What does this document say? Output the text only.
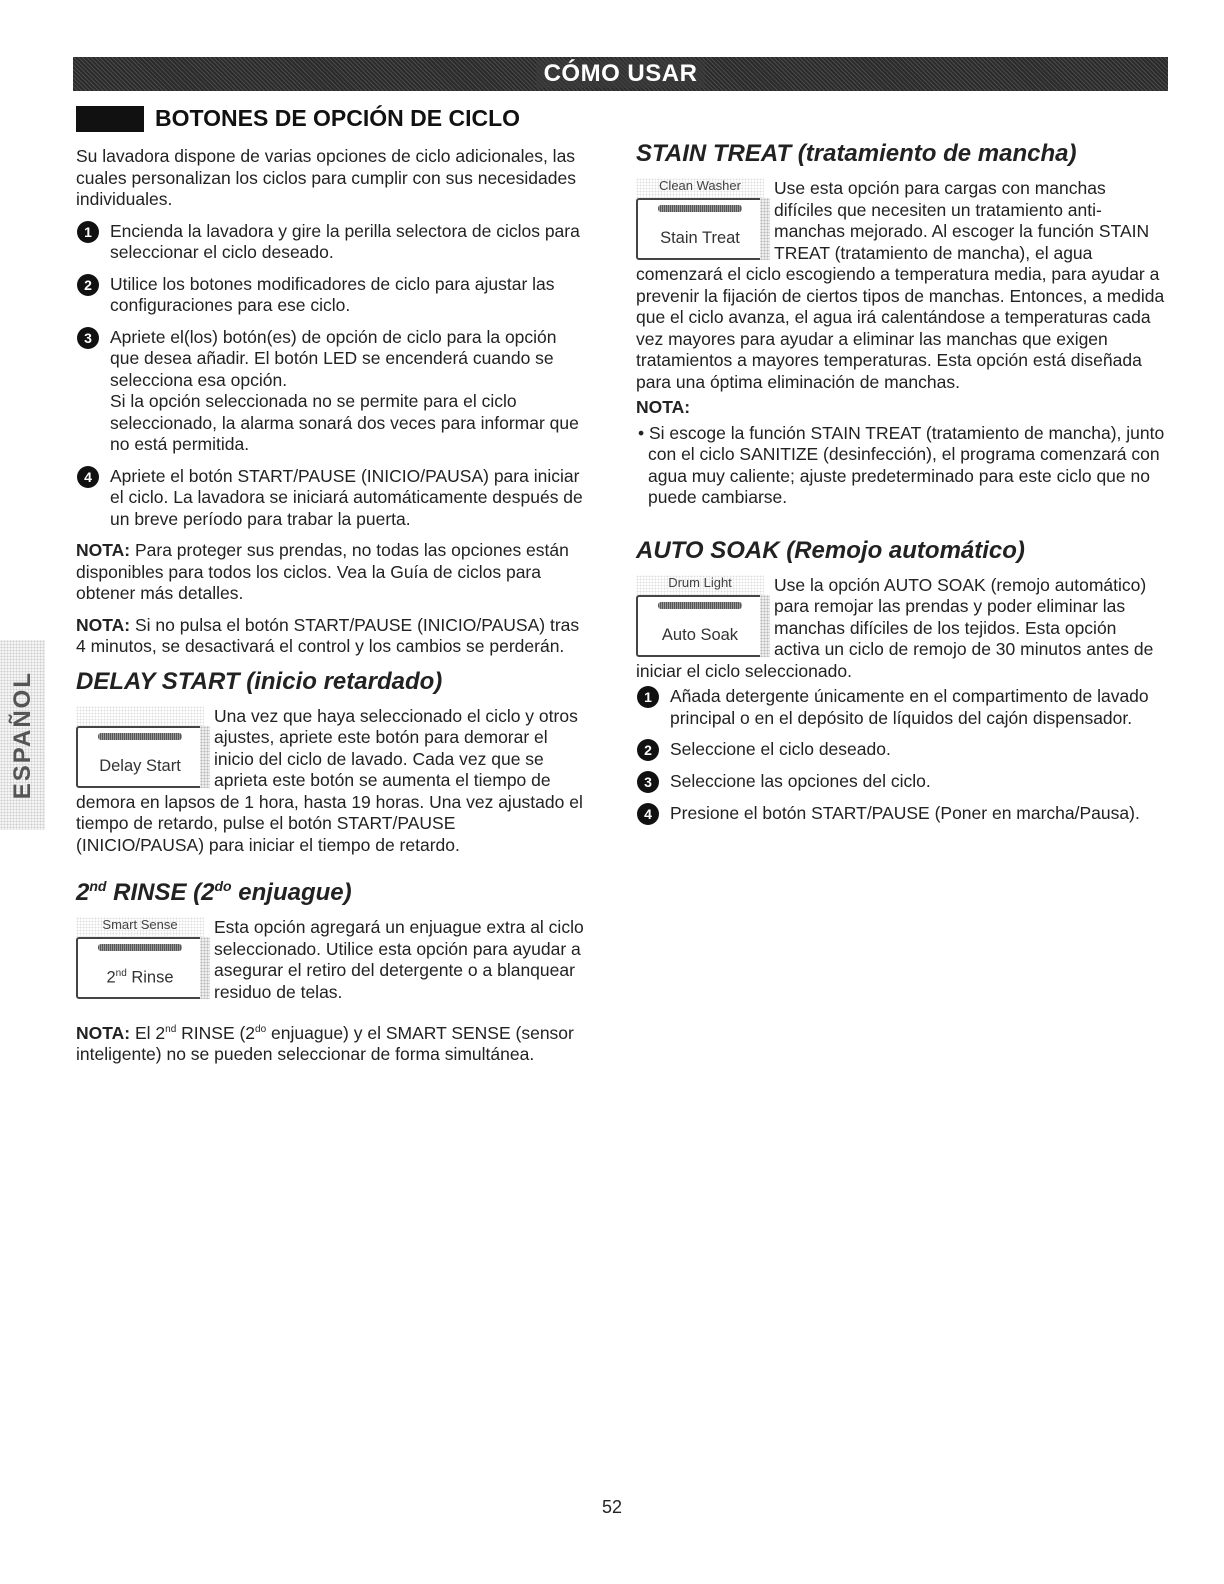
CÓMO USAR
ESPAÑOL
BOTONES DE OPCIÓN DE CICLO

Su lavadora dispone de varias opciones de ciclo adicionales, las cuales personalizan los ciclos para cumplir con sus necesidades individuales.

1	Encienda la lavadora y gire la perilla selectora de ciclos para seleccionar el ciclo deseado.
2	Utilice los botones modificadores de ciclo para ajustar las configuraciones para ese ciclo.
3	Apriete el(los) botón(es) de opción de ciclo para la opción que desea añadir. El botón LED se encenderá cuando se selecciona esa opción.
Si la opción seleccionada no se permite para el ciclo seleccionado, la alarma sonará dos veces para informar que no está permitida.
4	Apriete el botón START/PAUSE (INICIO/PAUSA) para iniciar el ciclo. La lavadora se iniciará automáticamente después de un breve período para trabar la puerta.

NOTA: Para proteger sus prendas, no todas las opciones están disponibles para todos los ciclos. Vea la Guía de ciclos para obtener más detalles.

NOTA: Si no pulsa el botón START/PAUSE (INICIO/PAUSA) tras 4 minutos, se desactivará el control y los cambios se perderán.

DELAY START (inicio retardado)
Delay Start

Una vez que haya seleccionado el ciclo y otros ajustes, apriete este botón para demorar el inicio del ciclo de lavado. Cada vez que se aprieta este botón se aumenta el tiempo de demora en lapsos de 1 hora, hasta 19 horas. Una vez ajustado el tiempo de retardo, pulse el botón START/PAUSE (INICIO/PAUSA) para iniciar el tiempo de retardo.

2nd RINSE ($2^{do}$ enjuague)
Smart Sense
2nd Rinse

Esta opción agregará un enjuague extra al ciclo seleccionado. Utilice esta opción para ayudar a asegurar el retiro del detergente o a blanquear residuo de telas.

NOTA: El 2nd RINSE ($2^{do}$ enjuague) y el SMART SENSE (sensor inteligente) no se pueden seleccionar de forma simultánea.

STAIN TREAT (tratamiento de mancha)
Clean Washer
Stain Treat

Use esta opción para cargas con manchas difíciles que necesiten un tratamiento anti-manchas mejorado. Al escoger la función STAIN TREAT (tratamiento de mancha), el agua comenzará el ciclo escogiendo a temperatura media, para ayudar a prevenir la fijación de ciertos tipos de manchas. Entonces, a medida que el ciclo avanza, el agua irá calentándose a temperaturas cada vez mayores para ayudar a eliminar las manchas que exigen tratamientos a mayores temperaturas. Esta opción está diseñada para una óptima eliminación de manchas.

NOTA:

• Si escoge la función STAIN TREAT (tratamiento de mancha), junto con el ciclo SANITIZE (desinfección), el programa comenzará con agua muy caliente; ajuste predeterminado para este ciclo que no puede cambiarse.
AUTO SOAK (Remojo automático)
Drum Light
Auto Soak

Use la opción AUTO SOAK (remojo automático) para remojar las prendas y poder eliminar las manchas difíciles de los tejidos. Esta opción activa un ciclo de remojo de 30 minutos antes de iniciar el ciclo seleccionado.

1	Añada detergente únicamente en el compartimento de lavado principal o en el depósito de líquidos del cajón dispensador.
2	Seleccione el ciclo deseado.
3	Seleccione las opciones del ciclo.
4	Presione el botón START/PAUSE (Poner en marcha/Pausa).
52
